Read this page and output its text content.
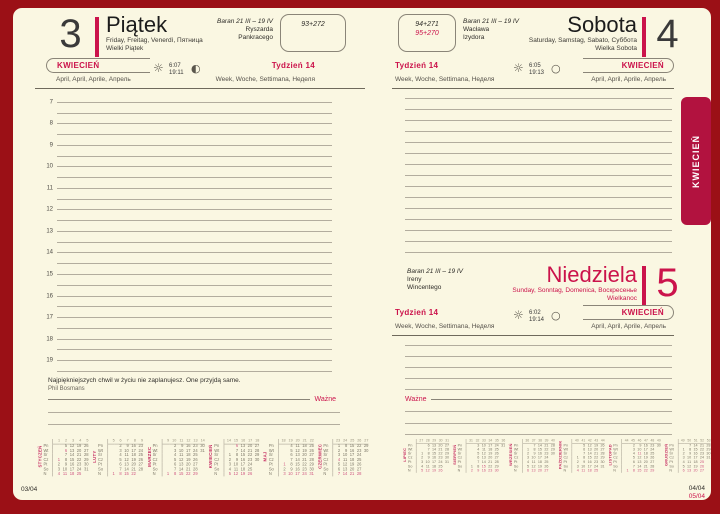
3	Piątek
Friday, Freitag, Venerdì, Пятница
Wielki Piątek
Baran 21 III – 19 IV
Ryszarda
Pankracego
93+272
KWIECIEŃ
April, April, Aprile, Апрель
☼ 6:07
19:11 ◐	Tydzień 14
Week, Woche, Settimana, Неделя
7
8
9
10
11
12
13
14
15
16
17
18
19
Najpiękniejszych chwil w życiu nie zaplanujesz. One przyjdą same.
Phil Bosmans
Ważne
STYCZEŃ
	1	2	3	4	5
Pn		5	12	19	26
Wt		6	13	20	27
Śr		7	14	21	28
Cz	1	8	15	22	29
Pt	2	9	16	23	30
So	3	10	17	24	31
N	4	11	18	25	
LUTY
	5	6	7	8	9
Pn		2	9	16	23
Wt		3	10	17	24
Śr		4	11	18	25
Cz		5	12	19	26
Pt		6	13	20	27
So		7	14	21	28
N	1	8	15	22	
MARZEC
	9	10	11	12	13	14
Pn		2	9	16	23	30
Wt		3	10	17	24	31
Śr		4	11	18	25	
Cz		5	12	19	26	
Pt		6	13	20	27	
So		7	14	21	28	
N	1	8	15	22	29	
KWIECIEŃ
	14	15	16	17	18
Pn		6	13	20	27
Wt		7	14	21	28
Śr	1	8	15	22	29
Cz	2	9	16	23	30
Pt	3	10	17	24	
So	4	11	18	25	
N	5	12	19	26	
MAJ
	18	19	20	21	22
Pn		4	11	18	25
Wt		5	12	19	26
Śr		6	13	20	27
Cz		7	14	21	28
Pt	1	8	15	22	29
So	2	9	16	23	30
N	3	10	17	24	31
CZERWIEC
	23	24	25	26	27
Pn	1	8	15	22	29
Wt	2	9	16	23	30
Śr	3	10	17	24	
Cz	4	11	18	25	
Pt	5	12	19	26	
So	6	13	20	27	
N	7	14	21	28	
03/04
94+271
95+270
Baran 21 III – 19 IV
Wacława
Izydora
Sobota
Saturday, Samstag, Sabato, Суббота
Wielka Sobota 4
Tydzień 14
Week, Woche, Settimana, Неделя
☼ 6:05
19:13 ○	KWIECIEŃ
April, April, Aprile, Апрель
Baran 21 III – 19 IV
Ireny
Wincentego
Niedziela
Sunday, Sonntag, Domenica, Воскресенье
Wielkanoc 5
Tydzień 14
Week, Woche, Settimana, Неделя
☼ 6:02
19:14 ○	KWIECIEŃ
April, April, Aprile, Апрель
Ważne
LIPIEC
	27	28	29	30	31
Pn		6	13	20	27
Wt		7	14	21	28
Śr	1	8	15	22	29
Cz	2	9	16	23	30
Pt	3	10	17	24	31
So	4	11	18	25	
N	5	12	19	26	
SIERPIEŃ
	31	32	33	34	35	36
Pn		3	10	17	24	31
Wt		4	11	18	25	
Śr		5	12	19	26	
Cz		6	13	20	27	
Pt		7	14	21	28	
So	1	8	15	22	29	
N	2	9	16	23	30	
WRZESIEŃ
	36	37	38	39	40
Pn		7	14	21	28
Wt	1	8	15	22	29
Śr	2	9	16	23	30
Cz	3	10	17	24	
Pt	4	11	18	25	
So	5	12	19	26	
N	6	13	20	27	
PAŹDZIERNIK
	40	41	42	43	44
Pn		5	12	19	26
Wt		6	13	20	27
Śr		7	14	21	28
Cz	1	8	15	22	29
Pt	2	9	16	23	30
So	3	10	17	24	31
N	4	11	18	25	
LISTOPAD
	44	45	46	47	48	49
Pn		2	9	16	23	30
Wt		3	10	17	24	
Śr		4	11	18	25	
Cz		5	12	19	26	
Pt		6	13	20	27	
So		7	14	21	28	
N	1	8	15	22	29	
GRUDZIEŃ
	49	50	51	52	53
Pn		7	14	21	28
Wt	1	8	15	22	29
Śr	2	9	16	23	30
Cz	3	10	17	24	31
Pt	4	11	18	25	
So	5	12	19	26	
N	6	13	20	27	
04/04
05/04
KWIECIEŃ
